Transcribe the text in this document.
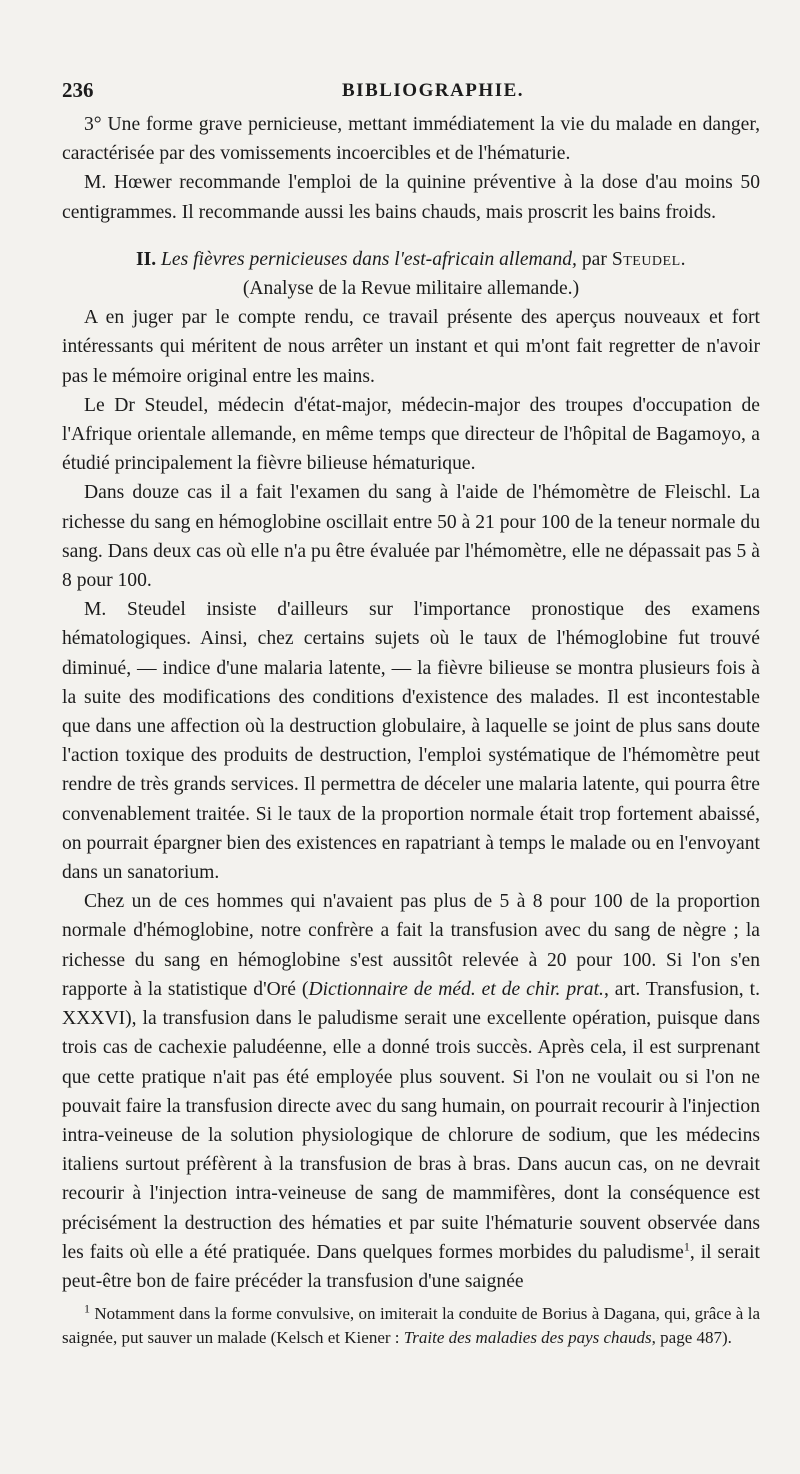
236	BIBLIOGRAPHIE.

3° Une forme grave pernicieuse, mettant immédiatement la vie du malade en danger, caractérisée par des vomissements incoercibles et de l'hématurie.

M. Hœwer recommande l'emploi de la quinine préventive à la dose d'au moins 50 centigrammes. Il recommande aussi les bains chauds, mais proscrit les bains froids.

II. Les fièvres pernicieuses dans l'est-africain allemand, par Steudel.

(Analyse de la Revue militaire allemande.)

A en juger par le compte rendu, ce travail présente des aperçus nouveaux et fort intéressants qui méritent de nous arrêter un instant et qui m'ont fait regretter de n'avoir pas le mémoire original entre les mains.

Le Dr Steudel, médecin d'état-major, médecin-major des troupes d'occupation de l'Afrique orientale allemande, en même temps que directeur de l'hôpital de Bagamoyo, a étudié principalement la fièvre bilieuse hématurique.

Dans douze cas il a fait l'examen du sang à l'aide de l'hémomètre de Fleischl. La richesse du sang en hémoglobine oscillait entre 50 à 21 pour 100 de la teneur normale du sang. Dans deux cas où elle n'a pu être évaluée par l'hémomètre, elle ne dépassait pas 5 à 8 pour 100.

M. Steudel insiste d'ailleurs sur l'importance pronostique des examens hématologiques. Ainsi, chez certains sujets où le taux de l'hémoglobine fut trouvé diminué, — indice d'une malaria latente, — la fièvre bilieuse se montra plusieurs fois à la suite des modifications des conditions d'existence des malades. Il est incontestable que dans une affection où la destruction globulaire, à laquelle se joint de plus sans doute l'action toxique des produits de destruction, l'emploi systématique de l'hémomètre peut rendre de très grands services. Il permettra de déceler une malaria latente, qui pourra être convenablement traitée. Si le taux de la proportion normale était trop fortement abaissé, on pourrait épargner bien des existences en rapatriant à temps le malade ou en l'envoyant dans un sanatorium.

Chez un de ces hommes qui n'avaient pas plus de 5 à 8 pour 100 de la proportion normale d'hémoglobine, notre confrère a fait la transfusion avec du sang de nègre ; la richesse du sang en hémoglobine s'est aussitôt relevée à 20 pour 100. Si l'on s'en rapporte à la statistique d'Oré (Dictionnaire de méd. et de chir. prat., art. Transfusion, t. XXXVI), la transfusion dans le paludisme serait une excellente opération, puisque dans trois cas de cachexie paludéenne, elle a donné trois succès. Après cela, il est surprenant que cette pratique n'ait pas été employée plus souvent. Si l'on ne voulait ou si l'on ne pouvait faire la transfusion directe avec du sang humain, on pourrait recourir à l'injection intra-veineuse de la solution physiologique de chlorure de sodium, que les médecins italiens surtout préfèrent à la transfusion de bras à bras. Dans aucun cas, on ne devrait recourir à l'injection intra-veineuse de sang de mammifères, dont la conséquence est précisément la destruction des hématies et par suite l'hématurie souvent observée dans les faits où elle a été pratiquée. Dans quelques formes morbides du paludisme$^1$, il serait peut-être bon de faire précéder la transfusion d'une saignée

$^1$ Notamment dans la forme convulsive, on imiterait la conduite de Borius à Dagana, qui, grâce à la saignée, put sauver un malade (Kelsch et Kiener : Traite des maladies des pays chauds, page 487).
